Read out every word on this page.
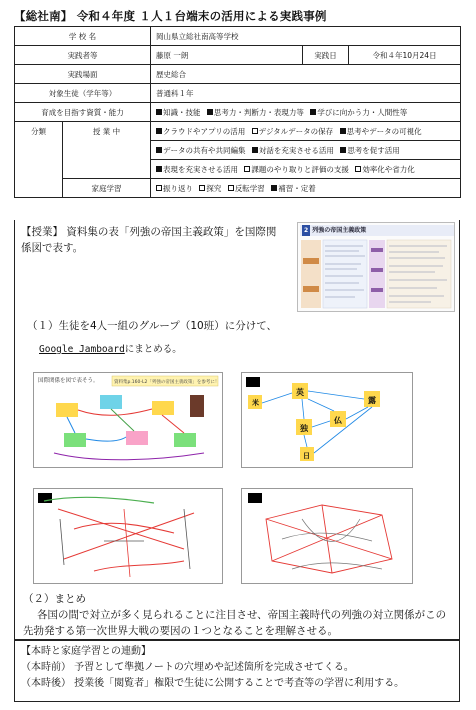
【総社南】 令和４年度 １人１台端末の活用による実践事例
学 校 名		岡山県立総社南高等学校		
実践者等		藤原 一朗	実践日	令和４年10月24日
実践場面		歴史総合		
対象生徒（学年等）		普通科１年		
育成を目指す資質・能力		知識・技能 思考力・判断力・表現力等 学びに向かう力・人間性等		
分類	授 業 中	クラウドやアプリの活用 デジタルデータの保存 思考やデータの可視化		
		データの共有や共同編集 対話を充実させる活用 思考を促す活用		
		表現を充実させる活用 課題のやり取りと評価の支援 効率化や省力化		
	家庭学習	振り返り 探究 反転学習 補習・定着		
【授業】 資料集の表「列強の帝国主義政策」を国際関係図で表す。
2 列強の帝国主義政策
（１）生徒を4人一組のグループ（10班）に分けて、
Google Jamboardにまとめる。
国際関係を図で表そう。	資料集p.160-L2「列強の帝国主義政策」を参考に！
米
英
独
仏
露
日
（２）まとめ
各国の間で対立が多く見られることに注目させ、帝国主義時代の列強の対立関係がこの先勃発する第一次世界大戦の要因の１つとなることを理解させる。
【本時と家庭学習との連動】
（本時前） 予習として準拠ノートの穴埋めや記述箇所を完成させてくる。
（本時後） 授業後「閲覧者」権限で生徒に公開することで考査等の学習に利用する。
